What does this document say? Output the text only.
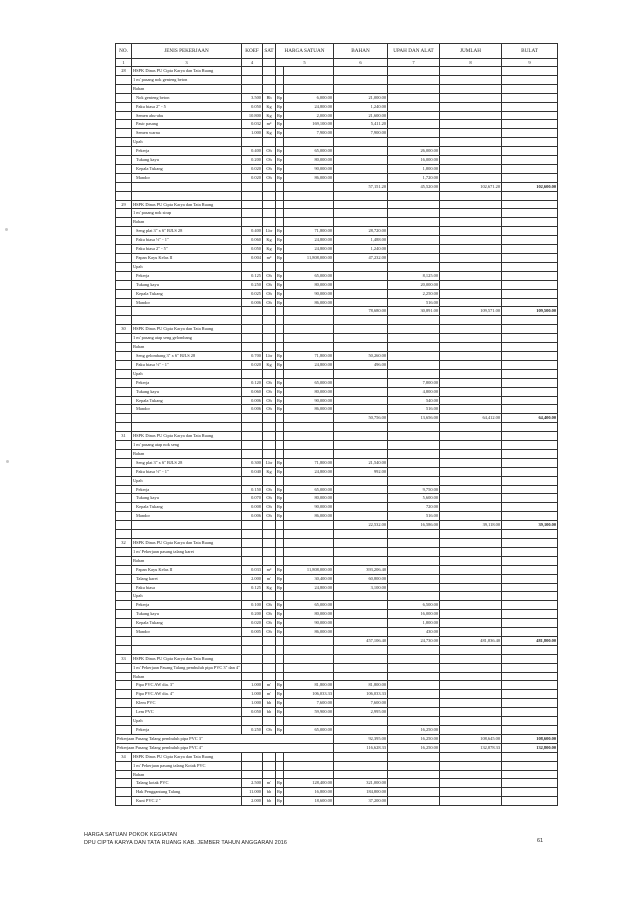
NO.	JENIS PEKERJAAN	KOEF	SAT	HARGA SATUAN		BAHAN	UPAH DAN ALAT	JUMLAH	BULAT
1	3	4		5		6	7	8	9
28	HSPK Dinas PU Cipta Karya dan Tata Ruang								
	1 m' pasang nok genteng beton								
	Bahan								
	Nok genteng beton	3.500	Bh	Rp	6,000.00	21,000.00			
	Paku biasa 2" - 5	0.050	Kg	Rp	24,800.00	1,240.00			
	Semen abu-abu	10.800	Kg	Rp	2,000.00	21,600.00			
	Pasir pasang	0.032	m³	Rp	169,100.00	5,411.20			
	Semen warna	1.000	Kg	Rp	7,900.00	7,900.00			
	Upah								
	Pekerja	0.400	Oh	Rp	65,000.00		26,000.00		
	Tukang kayu	0.200	Oh	Rp	80,000.00		16,000.00		
	Kepala Tukang	0.020	Oh	Rp	90,000.00		1,800.00		
	Mandor	0.020	Oh	Rp	86,000.00		1,720.00		
						57,151.20	45,520.00	102,671.20	102,600.00

29	HSPK Dinas PU Cipta Karya dan Tata Ruang								
	1 m' pasang nok sirap								
	Bahan								
	Seng plat 3" x 6" BJLS 28	0.400	Lbr	Rp	71,800.00	28,720.00			
	Paku biasa ½" - 1"	0.060	Kg	Rp	24,800.00	1,488.00			
	Paku biasa 2" - 5"	0.050	Kg	Rp	24,800.00	1,240.00			
	Papan Kayu Kelas II	0.004	m³	Rp	11,808,000.00	47,232.00			
	Upah								
	Pekerja	0.125	Oh	Rp	65,000.00		8,125.00		
	Tukang kayu	0.250	Oh	Rp	80,000.00		20,000.00		
	Kepala Tukang	0.025	Oh	Rp	90,000.00		2,250.00		
	Mandor	0.006	Oh	Rp	86,000.00		516.00		
						78,680.00	30,891.00	109,571.00	109,500.00

30	HSPK Dinas PU Cipta Karya dan Tata Ruang								
	1 m' pasang atap seng gelombang								
	Bahan								
	Seng gelombang 3" x 6" BJLS 28	0.700	Lbr	Rp	71,800.00	50,260.00			
	Paku biasa ½" - 1"	0.020	Kg	Rp	24,800.00	496.00			
	Upah								
	Pekerja	0.120	Oh	Rp	65,000.00		7,800.00		
	Tukang kayu	0.060	Oh	Rp	80,000.00		4,800.00		
	Kepala Tukang	0.006	Oh	Rp	90,000.00		540.00		
	Mandor	0.006	Oh	Rp	86,000.00		516.00		
						50,756.00	13,656.00	64,412.00	64,400.00

31	HSPK Dinas PU Cipta Karya dan Tata Ruang								
	1 m' pasang atap nok seng								
	Bahan								
	Seng plat 3" x 6" BJLS 28	0.300	Lbr	Rp	71,800.00	21,540.00			
	Paku biasa ½" - 1"	0.040	Kg	Rp	24,800.00	992.00			
	Upah								
	Pekerja	0.150	Oh	Rp	65,000.00		9,750.00		
	Tukang kayu	0.070	Oh	Rp	80,000.00		5,600.00		
	Kepala Tukang	0.008	Oh	Rp	90,000.00		720.00		
	Mandor	0.006	Oh	Rp	86,000.00		516.00		
						22,532.00	16,586.00	39,118.00	39,100.00

32	HSPK Dinas PU Cipta Karya dan Tata Ruang								
	1 m' Pekerjaan pasang talang karet								
	Bahan								
	Papan Kayu Kelas II	0.033	m³	Rp	11,808,000.00	393,206.40			
	Talang karet	2.000	m'	Rp	30,400.00	60,800.00			
	Paku biasa	0.125	Kg	Rp	24,800.00	3,100.00			
	Upah								
	Pekerja	0.100	Oh	Rp	65,000.00		6,500.00		
	Tukang kayu	0.200	Oh	Rp	80,000.00		16,000.00		
	Kepala Tukang	0.020	Oh	Rp	90,000.00		1,800.00		
	Mandor	0.005	Oh	Rp	86,000.00		430.00		
						457,106.40	24,730.00	481,836.40	481,800.00

33	HSPK Dinas PU Cipta Karya dan Tata Ruang								
	1 m' Pekerjaan Pasang Talang pembuluh pipa PVC 3" dan 4"								
	Bahan								
	Pipa PVC AW dia. 3"	1.000	m'	Rp	81,800.00	81,800.00			
	Pipa PVC AW dia. 4"	1.000	m'	Rp	106,033.33	106,033.33			
	Klem PVC	1.000	bh	Rp	7,600.00	7,600.00			
	Lem PVC	0.050	bh	Rp	59,900.00	2,995.00			
	Upah								
	Pekerja	0.250	Oh	Rp	65,000.00		16,250.00		
Pekerjaan Pasang Talang pembuluh pipa PVC 3"						92,395.00	16,250.00	108,645.00	108,600.00
Pekerjaan Pasang Talang pembuluh pipa PVC 4"						116,628.33	16,250.00	132,878.33	132,800.00
34	HSPK Dinas PU Cipta Karya dan Tata Ruang								
	1 m' Pekerjaan pasang talang Kotak PVC								
	Bahan								
	Talang kotak PVC	2.500	m'	Rp	128,400.00	321,000.00			
	Hak Penggantung Talang	11.000	bh	Rp	16,800.00	184,800.00			
	Kuni PVC 2 "	2.000	bh	Rp	18,600.00	37,200.00			
HARGA SATUAN POKOK KEGIATAN
DPU CIPTA KARYA DAN TATA RUANG KAB. JEMBER TAHUN ANGGARAN 2016	61
